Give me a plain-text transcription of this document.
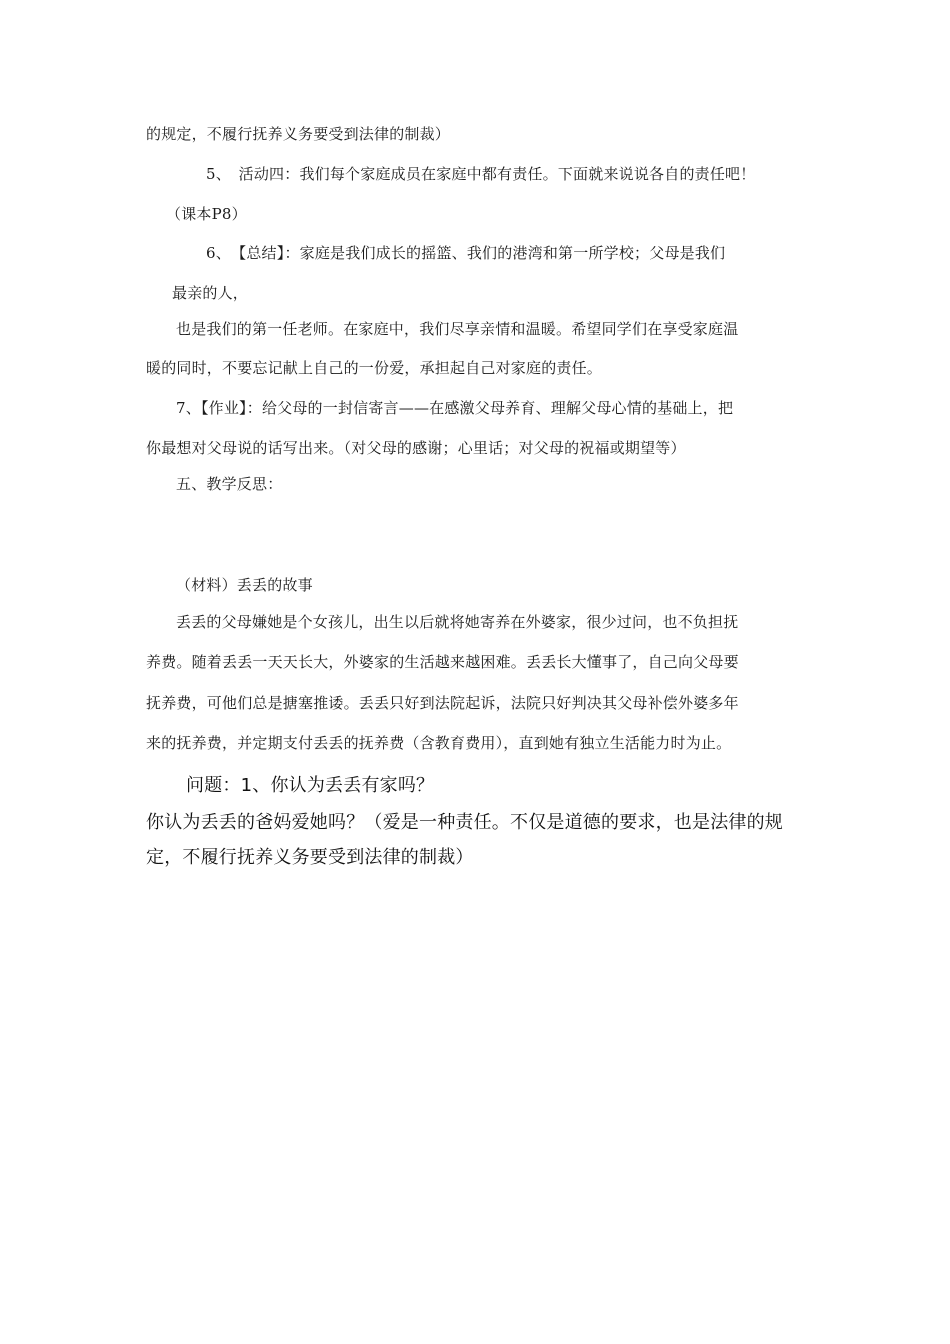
的规定，不履行抚养义务要受到法律的制裁）
5、　活动四：我们每个家庭成员在家庭中都有责任。下面就来说说各自的责任吧！
（课本P8）
6、　【总结】：家庭是我们成长的摇篮、我们的港湾和第一所学校；父母是我们
最亲的人，
也是我们的第一任老师。在家庭中，我们尽享亲情和温暖。希望同学们在享受家庭温
暖的同时，不要忘记献上自己的一份爱，承担起自己对家庭的责任。
7、【作业】：给父母的一封信寄言——在感激父母养育、理解父母心情的基础上，把
你最想对父母说的话写出来。（对父母的感谢；心里话；对父母的祝福或期望等）
五、教学反思：
（材料）丢丢的故事
丢丢的父母嫌她是个女孩儿，出生以后就将她寄养在外婆家，很少过问，也不负担抚
养费。随着丢丢一天天长大，外婆家的生活越来越困难。丢丢长大懂事了，自己向父母要
抚养费，可他们总是搪塞推诿。丢丢只好到法院起诉，法院只好判决其父母补偿外婆多年
来的抚养费，并定期支付丢丢的抚养费（含教育费用），直到她有独立生活能力时为止。
问题：1、你认为丢丢有家吗？
你认为丢丢的爸妈爱她吗？（爱是一种责任。不仅是道德的要求，也是法律的规
定，不履行抚养义务要受到法律的制裁）
